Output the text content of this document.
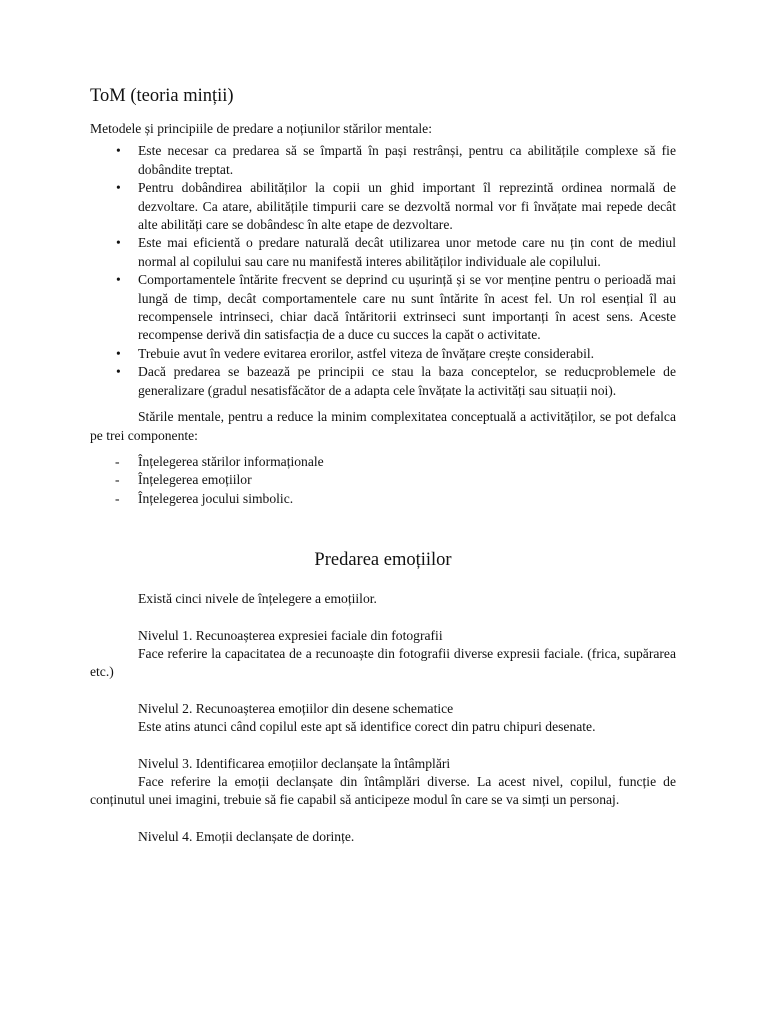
ToM (teoria minții)
Metodele și principiile de predare a noțiunilor stărilor mentale:
• Este necesar ca predarea să se împartă în pași restrânși, pentru ca abilitățile complexe să fie dobândite treptat.
• Pentru dobândirea abilităților la copii un ghid important îl reprezintă ordinea normală de dezvoltare. Ca atare, abilitățile timpurii care se dezvoltă normal vor fi învățate mai repede decât alte abilități care se dobândesc în alte etape de dezvoltare.
• Este mai eficientă o predare naturală decât utilizarea unor metode care nu țin cont de mediul normal al copilului sau care nu manifestă interes abilităților individuale ale copilului.
• Comportamentele întărite frecvent se deprind cu ușurință și se vor menține pentru o perioadă mai lungă de timp, decât comportamentele care nu sunt întărite în acest fel. Un rol esențial îl au recompensele intrinseci, chiar dacă întăritorii extrinseci sunt importanți în acest sens. Aceste recompense derivă din satisfacția de a duce cu succes la capăt o activitate.
• Trebuie avut în vedere evitarea erorilor, astfel viteza de învățare crește considerabil.
• Dacă predarea se bazează pe principii ce stau la baza conceptelor, se reducproblemele de generalizare (gradul nesatisfăcător de a adapta cele învățate la activități sau situații noi).
Stările mentale, pentru a reduce la minim complexitatea conceptuală a activităților, se pot defalca pe trei componente:
- Înțelegerea stărilor informaționale
- Înțelegerea emoțiilor
- Înțelegerea jocului simbolic.
Predarea emoțiilor
Există cinci nivele de înțelegere a emoțiilor.
Nivelul 1. Recunoașterea expresiei faciale din fotografii
Face referire la capacitatea de a recunoaște din fotografii diverse expresii faciale. (frica, supărarea etc.)
Nivelul 2. Recunoașterea emoțiilor din desene schematice
Este atins atunci când copilul este apt să identifice corect din patru chipuri desenate.
Nivelul 3. Identificarea emoțiilor declanșate la întâmplări
Face referire la emoții declanșate din întâmplări diverse. La acest nivel, copilul, funcție de conținutul unei imagini, trebuie să fie capabil să anticipeze modul în care se va simți un personaj.
Nivelul 4. Emoții declanșate de dorințe.
